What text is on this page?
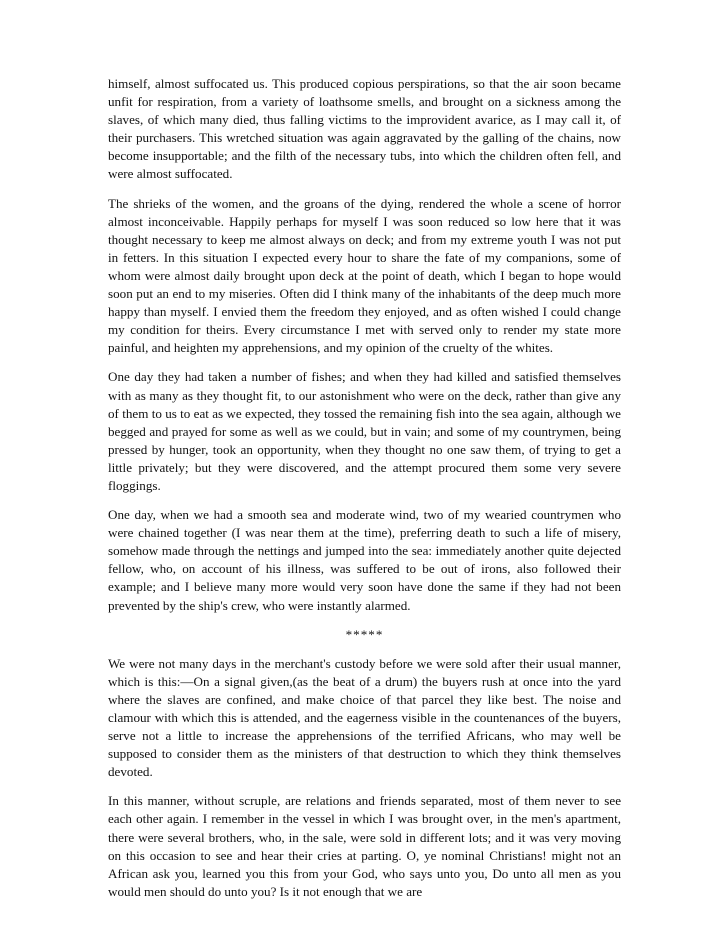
himself, almost suffocated us. This produced copious perspirations, so that the air soon became unfit for respiration, from a variety of loathsome smells, and brought on a sickness among the slaves, of which many died, thus falling victims to the improvident avarice, as I may call it, of their purchasers. This wretched situation was again aggravated by the galling of the chains, now become insupportable; and the filth of the necessary tubs, into which the children often fell, and were almost suffocated.

The shrieks of the women, and the groans of the dying, rendered the whole a scene of horror almost inconceivable. Happily perhaps for myself I was soon reduced so low here that it was thought necessary to keep me almost always on deck; and from my extreme youth I was not put in fetters. In this situation I expected every hour to share the fate of my companions, some of whom were almost daily brought upon deck at the point of death, which I began to hope would soon put an end to my miseries. Often did I think many of the inhabitants of the deep much more happy than myself. I envied them the freedom they enjoyed, and as often wished I could change my condition for theirs. Every circumstance I met with served only to render my state more painful, and heighten my apprehensions, and my opinion of the cruelty of the whites.

One day they had taken a number of fishes; and when they had killed and satisfied themselves with as many as they thought fit, to our astonishment who were on the deck, rather than give any of them to us to eat as we expected, they tossed the remaining fish into the sea again, although we begged and prayed for some as well as we could, but in vain; and some of my countrymen, being pressed by hunger, took an opportunity, when they thought no one saw them, of trying to get a little privately; but they were discovered, and the attempt procured them some very severe floggings.

One day, when we had a smooth sea and moderate wind, two of my wearied countrymen who were chained together (I was near them at the time), preferring death to such a life of misery, somehow made through the nettings and jumped into the sea: immediately another quite dejected fellow, who, on account of his illness, was suffered to be out of irons, also followed their example; and I believe many more would very soon have done the same if they had not been prevented by the ship's crew, who were instantly alarmed.

*****

We were not many days in the merchant's custody before we were sold after their usual manner, which is this:—On a signal given,(as the beat of a drum) the buyers rush at once into the yard where the slaves are confined, and make choice of that parcel they like best. The noise and clamour with which this is attended, and the eagerness visible in the countenances of the buyers, serve not a little to increase the apprehensions of the terrified Africans, who may well be supposed to consider them as the ministers of that destruction to which they think themselves devoted.

In this manner, without scruple, are relations and friends separated, most of them never to see each other again. I remember in the vessel in which I was brought over, in the men's apartment, there were several brothers, who, in the sale, were sold in different lots; and it was very moving on this occasion to see and hear their cries at parting. O, ye nominal Christians! might not an African ask you, learned you this from your God, who says unto you, Do unto all men as you would men should do unto you? Is it not enough that we are
